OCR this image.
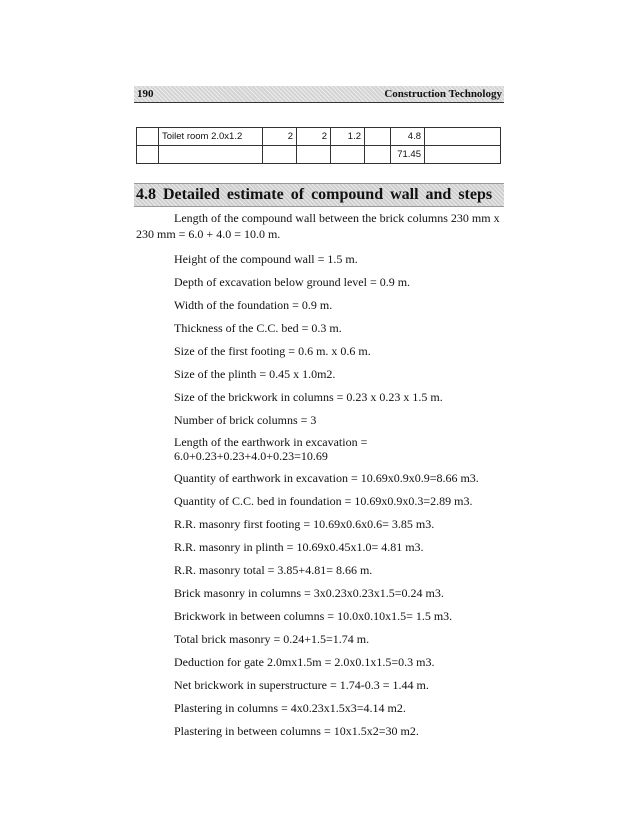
190	Construction Technology
	Toilet room 2.0x1.2	2	2	1.2		4.8	
						71.45	
4.8 Detailed estimate of compound wall and steps

Length of the compound wall between the brick columns 230 mm x 230 mm = 6.0 + 4.0 = 10.0 m.

Height of the compound wall = 1.5 m.

Depth of excavation below ground level = 0.9 m.

Width of the foundation = 0.9 m.

Thickness of the C.C. bed = 0.3 m.

Size of the first footing = 0.6 m. x 0.6 m.

Size of the plinth = 0.45 x 1.0m2.

Size of the brickwork in columns = 0.23 x 0.23 x 1.5 m.

Number of brick columns = 3

Length of the earthwork in excavation =

6.0+0.23+0.23+4.0+0.23=10.69

Quantity of earthwork in excavation = 10.69x0.9x0.9=8.66 m3.

Quantity of C.C. bed in foundation = 10.69x0.9x0.3=2.89 m3.

R.R. masonry first footing = 10.69x0.6x0.6= 3.85 m3.

R.R. masonry in plinth = 10.69x0.45x1.0= 4.81 m3.

R.R. masonry total = 3.85+4.81= 8.66 m.

Brick masonry in columns = 3x0.23x0.23x1.5=0.24 m3.

Brickwork in between columns = 10.0x0.10x1.5= 1.5 m3.

Total brick masonry = 0.24+1.5=1.74 m.

Deduction for gate 2.0mx1.5m = 2.0x0.1x1.5=0.3 m3.

Net brickwork in superstructure = 1.74-0.3 = 1.44 m.

Plastering in columns = 4x0.23x1.5x3=4.14 m2.

Plastering in between columns = 10x1.5x2=30 m2.
